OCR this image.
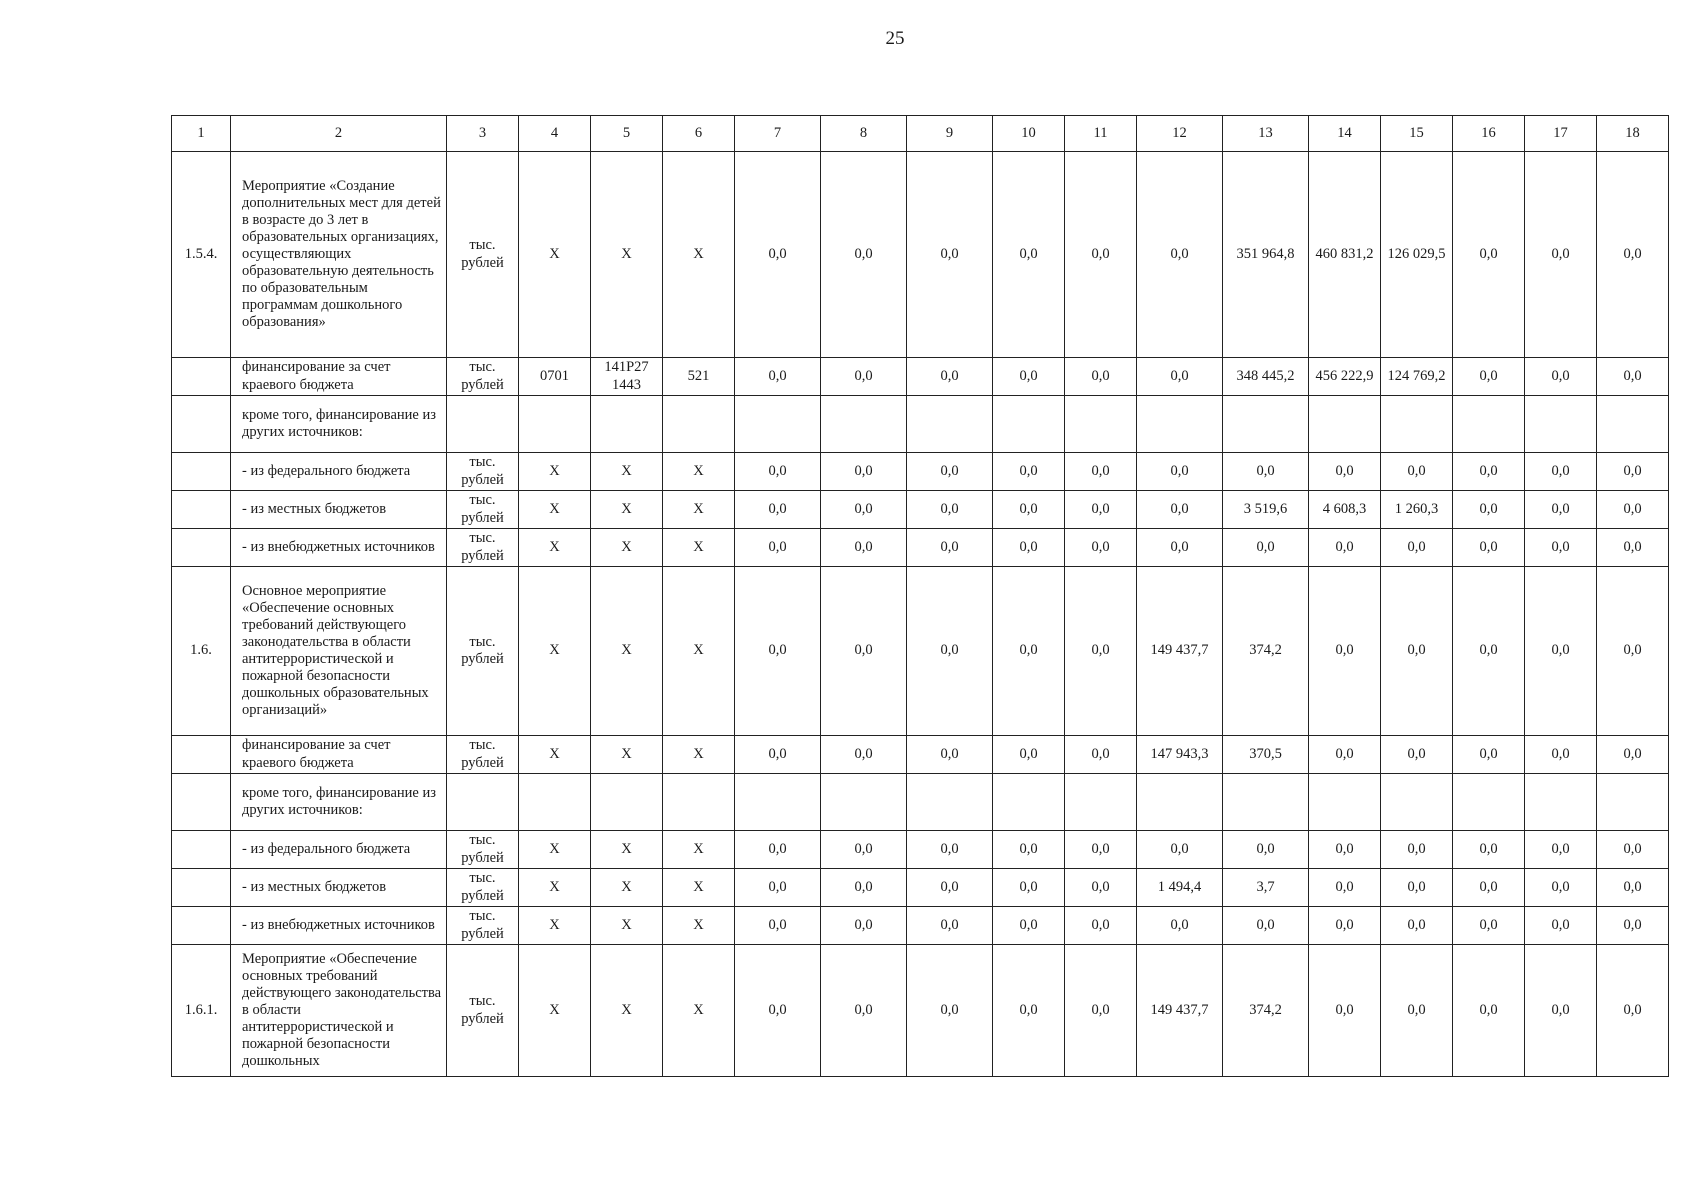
25
1	2	3	4	5	6	7	8	9	10	11	12	13	14	15	16	17	18
1.5.4.	Мероприятие «Создание дополнительных мест для детей в возрасте до 3 лет в образовательных организациях, осуществляющих образовательную деятельность по образовательным программам дошкольного образования»	тыс. рублей	Х	Х	Х	0,0	0,0	0,0	0,0	0,0	0,0	351 964,8	460 831,2	126 029,5	0,0	0,0	0,0
	финансирование за счет краевого бюджета	тыс. рублей	0701	141Р27 1443	521	0,0	0,0	0,0	0,0	0,0	0,0	348 445,2	456 222,9	124 769,2	0,0	0,0	0,0
	кроме того, финансирование из других источников:																
	- из федерального бюджета	тыс. рублей	Х	Х	Х	0,0	0,0	0,0	0,0	0,0	0,0	0,0	0,0	0,0	0,0	0,0	0,0
	- из местных бюджетов	тыс. рублей	Х	Х	Х	0,0	0,0	0,0	0,0	0,0	0,0	3 519,6	4 608,3	1 260,3	0,0	0,0	0,0
	- из внебюджетных источников	тыс. рублей	Х	Х	Х	0,0	0,0	0,0	0,0	0,0	0,0	0,0	0,0	0,0	0,0	0,0	0,0
1.6.	Основное мероприятие «Обеспечение основных требований действующего законодательства в области антитеррористической и пожарной безопасности дошкольных образовательных организаций»	тыс. рублей	Х	Х	Х	0,0	0,0	0,0	0,0	0,0	149 437,7	374,2	0,0	0,0	0,0	0,0	0,0
	финансирование за счет краевого бюджета	тыс. рублей	Х	Х	Х	0,0	0,0	0,0	0,0	0,0	147 943,3	370,5	0,0	0,0	0,0	0,0	0,0
	кроме того, финансирование из других источников:																
	- из федерального бюджета	тыс. рублей	Х	Х	Х	0,0	0,0	0,0	0,0	0,0	0,0	0,0	0,0	0,0	0,0	0,0	0,0
	- из местных бюджетов	тыс. рублей	Х	Х	Х	0,0	0,0	0,0	0,0	0,0	1 494,4	3,7	0,0	0,0	0,0	0,0	0,0
	- из внебюджетных источников	тыс. рублей	Х	Х	Х	0,0	0,0	0,0	0,0	0,0	0,0	0,0	0,0	0,0	0,0	0,0	0,0
1.6.1.	Мероприятие «Обеспечение основных требований действующего законодательства в области антитеррористической и пожарной безопасности дошкольных	тыс. рублей	Х	Х	Х	0,0	0,0	0,0	0,0	0,0	149 437,7	374,2	0,0	0,0	0,0	0,0	0,0
